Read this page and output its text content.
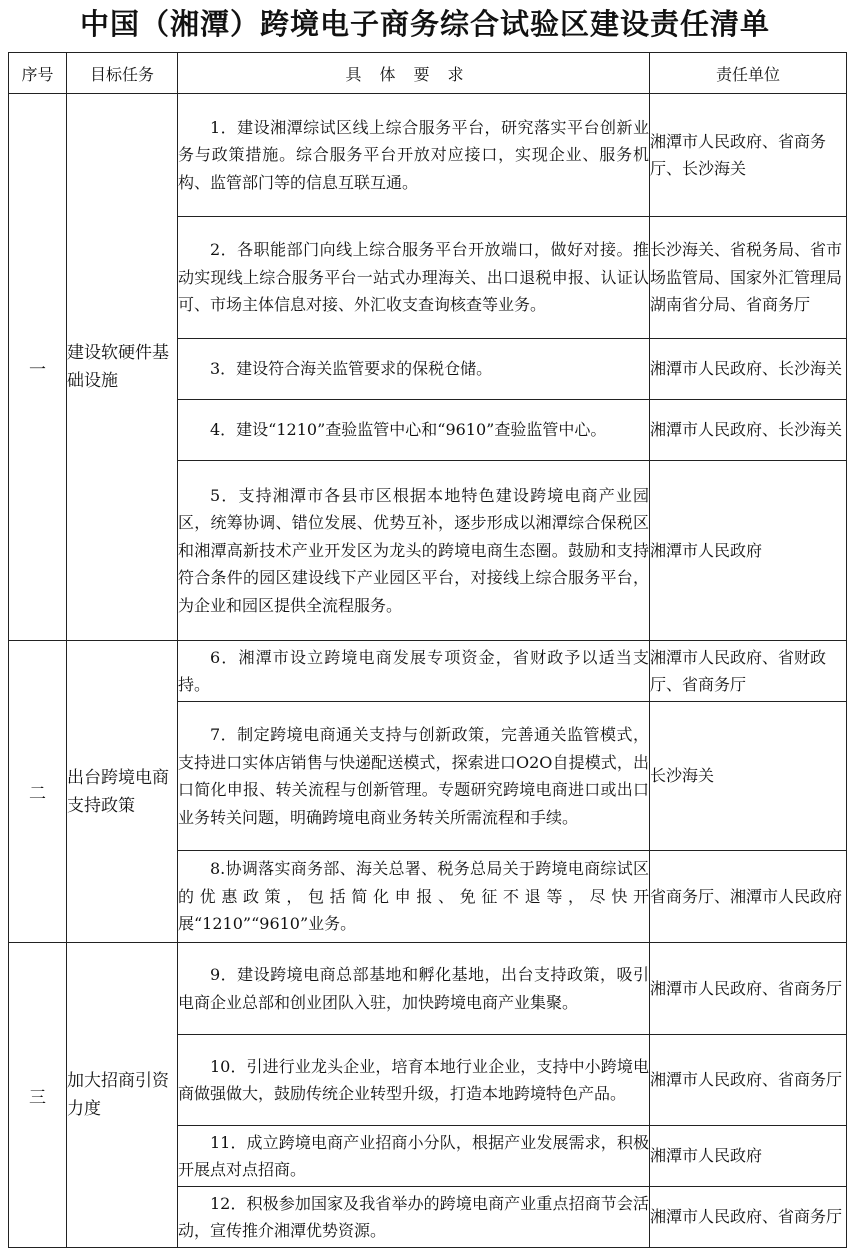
中国（湘潭）跨境电子商务综合试验区建设责任清单
序号	目标任务	具体要求	责任单位
一	建设软硬件基础设施	1．建设湘潭综试区线上综合服务平台，研究落实平台创新业务与政策措施。综合服务平台开放对应接口，实现企业、服务机构、监管部门等的信息互联互通。	湘潭市人民政府、省商务厅、长沙海关
		2．各职能部门向线上综合服务平台开放端口，做好对接。推动实现线上综合服务平台一站式办理海关、出口退税申报、认证认可、市场主体信息对接、外汇收支查询核查等业务。	长沙海关、省税务局、省市场监管局、国家外汇管理局湖南省分局、省商务厅
		3．建设符合海关监管要求的保税仓储。	湘潭市人民政府、长沙海关
		4．建设“1210”查验监管中心和“9610”查验监管中心。	湘潭市人民政府、长沙海关
		5．支持湘潭市各县市区根据本地特色建设跨境电商产业园区，统筹协调、错位发展、优势互补，逐步形成以湘潭综合保税区和湘潭高新技术产业开发区为龙头的跨境电商生态圈。鼓励和支持符合条件的园区建设线下产业园区平台，对接线上综合服务平台，为企业和园区提供全流程服务。	湘潭市人民政府
二	出台跨境电商支持政策	6．湘潭市设立跨境电商发展专项资金，省财政予以适当支持。	湘潭市人民政府、省财政厅、省商务厅
		7．制定跨境电商通关支持与创新政策，完善通关监管模式，支持进口实体店销售与快递配送模式，探索进口O2O自提模式，出口简化申报、转关流程与创新管理。专题研究跨境电商进口或出口业务转关问题，明确跨境电商业务转关所需流程和手续。	长沙海关
		8.协调落实商务部、海关总署、税务总局关于跨境电商综试区的优惠政策，包括简化申报、免征不退等，尽快开展“1210”“9610”业务。	省商务厅、湘潭市人民政府
三	加大招商引资力度	9．建设跨境电商总部基地和孵化基地，出台支持政策，吸引电商企业总部和创业团队入驻，加快跨境电商产业集聚。	湘潭市人民政府、省商务厅
		10．引进行业龙头企业，培育本地行业企业，支持中小跨境电商做强做大，鼓励传统企业转型升级，打造本地跨境特色产品。	湘潭市人民政府、省商务厅
		11．成立跨境电商产业招商小分队，根据产业发展需求，积极开展点对点招商。	湘潭市人民政府
		12．积极参加国家及我省举办的跨境电商产业重点招商节会活动，宣传推介湘潭优势资源。	湘潭市人民政府、省商务厅
